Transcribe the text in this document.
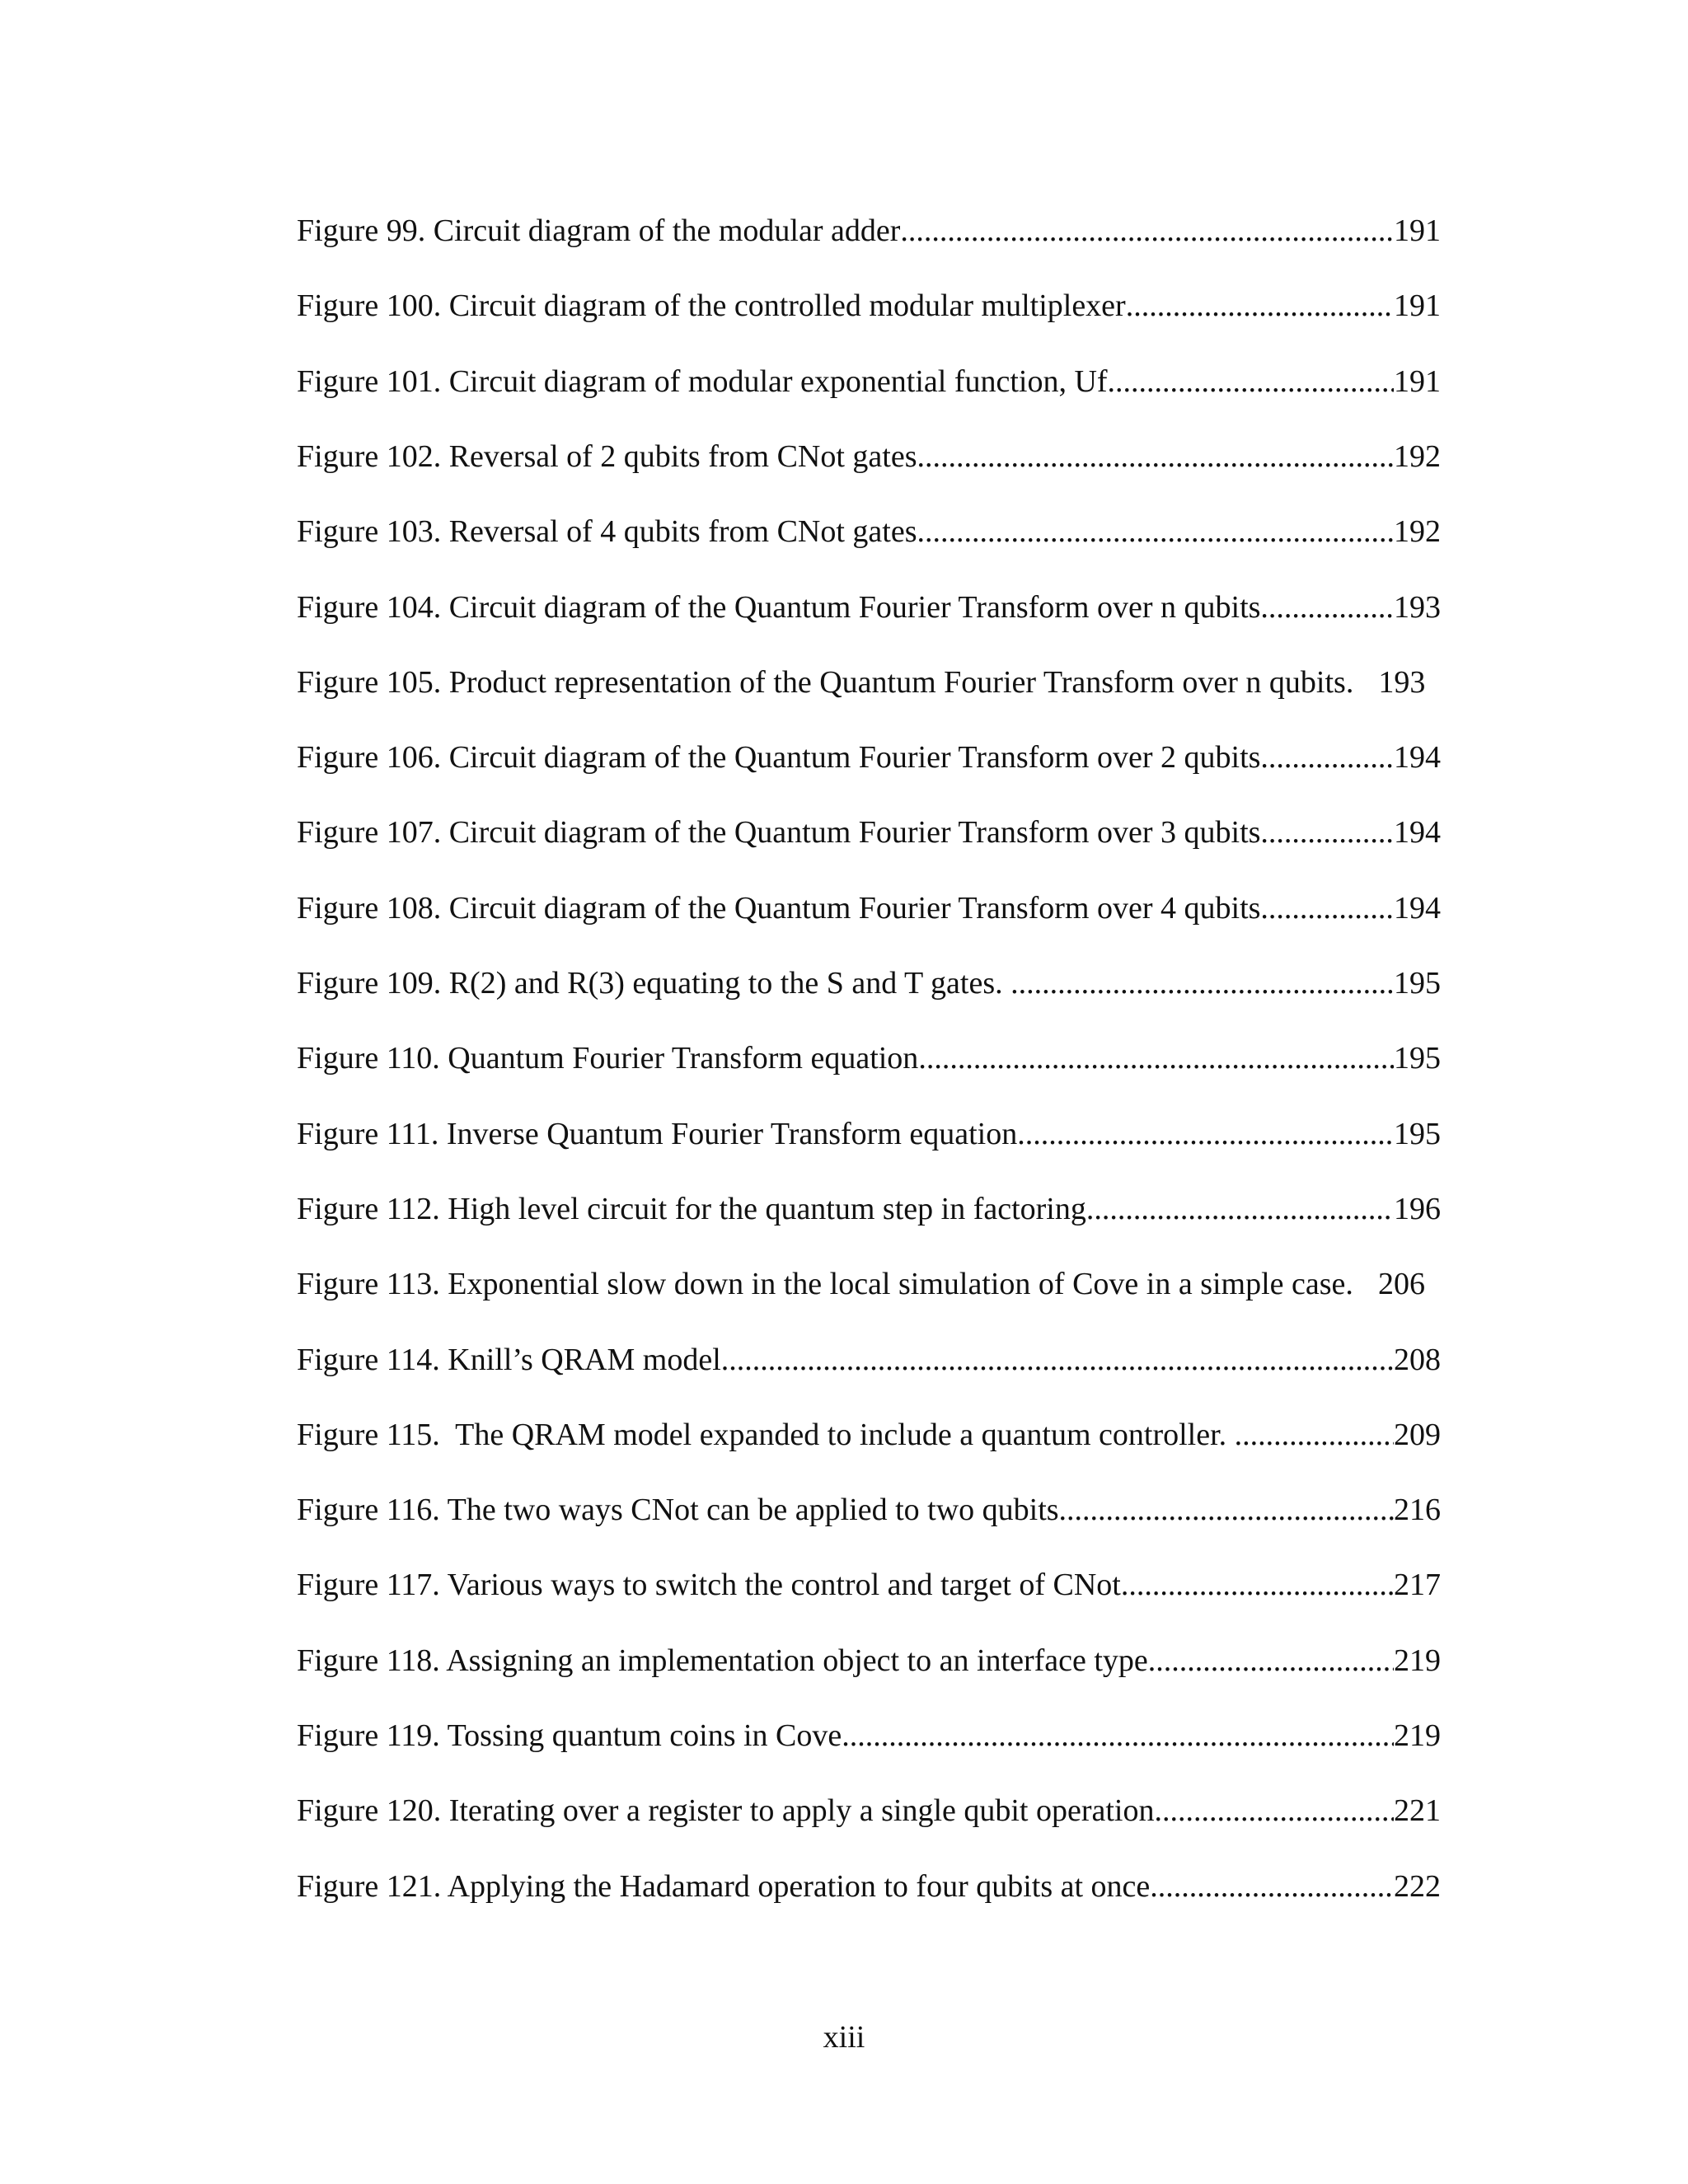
Figure 99. Circuit diagram of the modular adder .....	191
Figure 100. Circuit diagram of the controlled modular multiplexer .....	191
Figure 101. Circuit diagram of modular exponential function, Uf .....	191
Figure 102. Reversal of 2 qubits from CNot gates .....	192
Figure 103. Reversal of 4 qubits from CNot gates .....	192
Figure 104. Circuit diagram of the Quantum Fourier Transform over n qubits .....	193
Figure 105. Product representation of the Quantum Fourier Transform over n qubits. 193
Figure 106. Circuit diagram of the Quantum Fourier Transform over 2 qubits .....	194
Figure 107. Circuit diagram of the Quantum Fourier Transform over 3 qubits .....	194
Figure 108. Circuit diagram of the Quantum Fourier Transform over 4 qubits .....	194
Figure 109. R(2) and R(3) equating to the S and T gates. .....	195
Figure 110. Quantum Fourier Transform equation .....	195
Figure 111. Inverse Quantum Fourier Transform equation .....	195
Figure 112. High level circuit for the quantum step in factoring .....	196
Figure 113. Exponential slow down in the local simulation of Cove in a simple case. 206
Figure 114. Knill’s QRAM model .....	208
Figure 115.  The QRAM model expanded to include a quantum controller. .....	209
Figure 116. The two ways CNot can be applied to two qubits .....	216
Figure 117. Various ways to switch the control and target of CNot .....	217
Figure 118. Assigning an implementation object to an interface type .....	219
Figure 119. Tossing quantum coins in Cove .....	219
Figure 120. Iterating over a register to apply a single qubit operation .....	221
Figure 121. Applying the Hadamard operation to four qubits at once .....	222
xiii
